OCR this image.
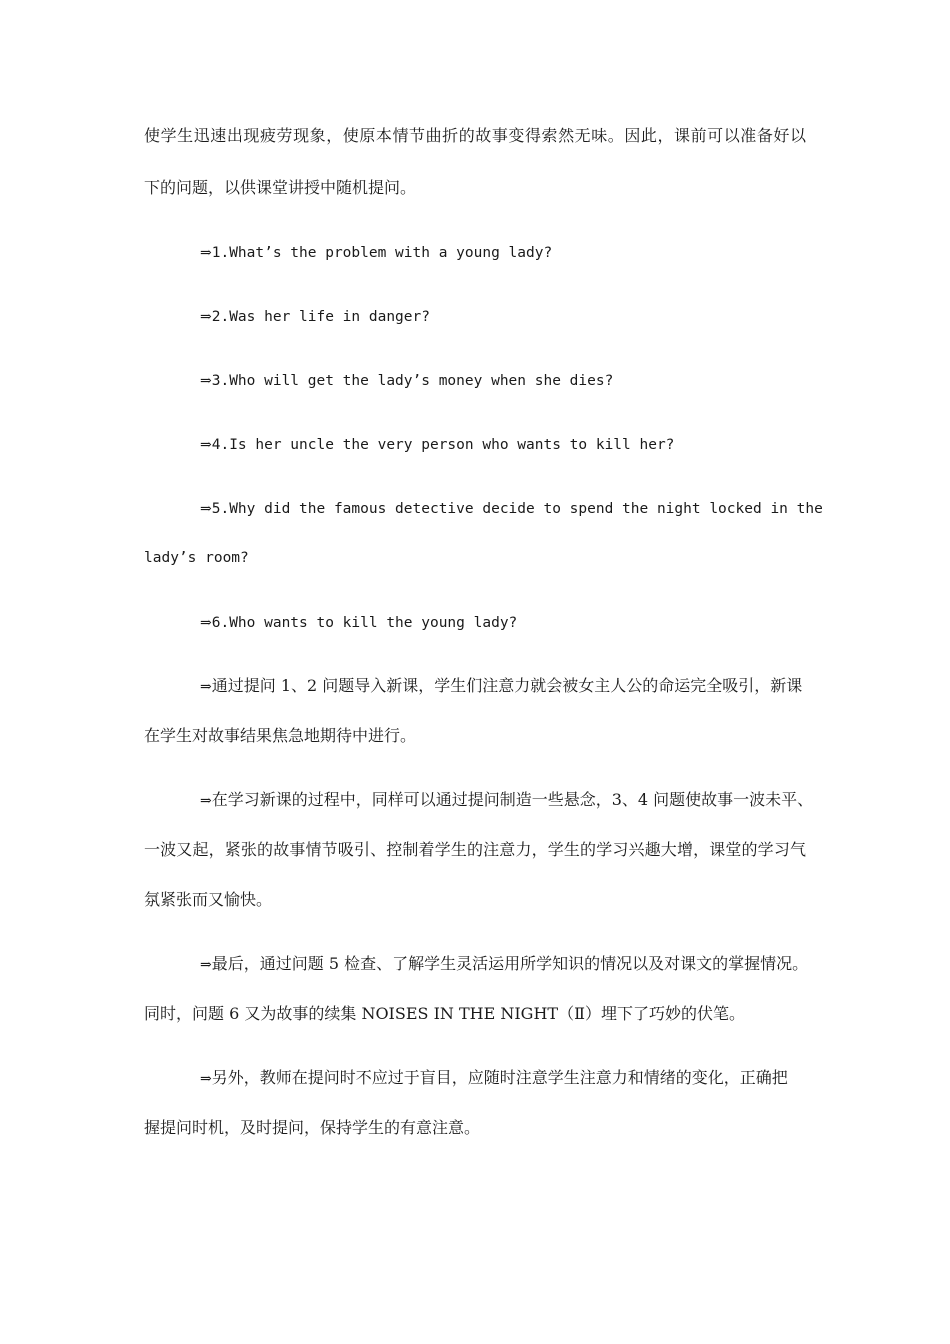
使学生迅速出现疲劳现象，使原本情节曲折的故事变得索然无味。因此，课前可以准备好以
下的问题，以供课堂讲授中随机提问。
⇒1.What’s the problem with a young lady?
⇒2.Was her life in danger?
⇒3.Who will get the lady’s money when she dies?
⇒4.Is her uncle the very person who wants to kill her?
⇒5.Why did the famous detective decide to spend the night locked in the
lady’s room?
⇒6.Who wants to kill the young lady?
⇒通过提问 1、2 问题导入新课，学生们注意力就会被女主人公的命运完全吸引，新课
在学生对故事结果焦急地期待中进行。
⇒在学习新课的过程中，同样可以通过提问制造一些悬念，3、4 问题使故事一波未平、
一波又起，紧张的故事情节吸引、控制着学生的注意力，学生的学习兴趣大增，课堂的学习气
氛紧张而又愉快。
⇒最后，通过问题 5 检查、了解学生灵活运用所学知识的情况以及对课文的掌握情况。
同时，问题 6 又为故事的续集 NOISES IN THE NIGHT（Ⅱ）埋下了巧妙的伏笔。
⇒另外，教师在提问时不应过于盲目，应随时注意学生注意力和情绪的变化，正确把
握提问时机，及时提问，保持学生的有意注意。
